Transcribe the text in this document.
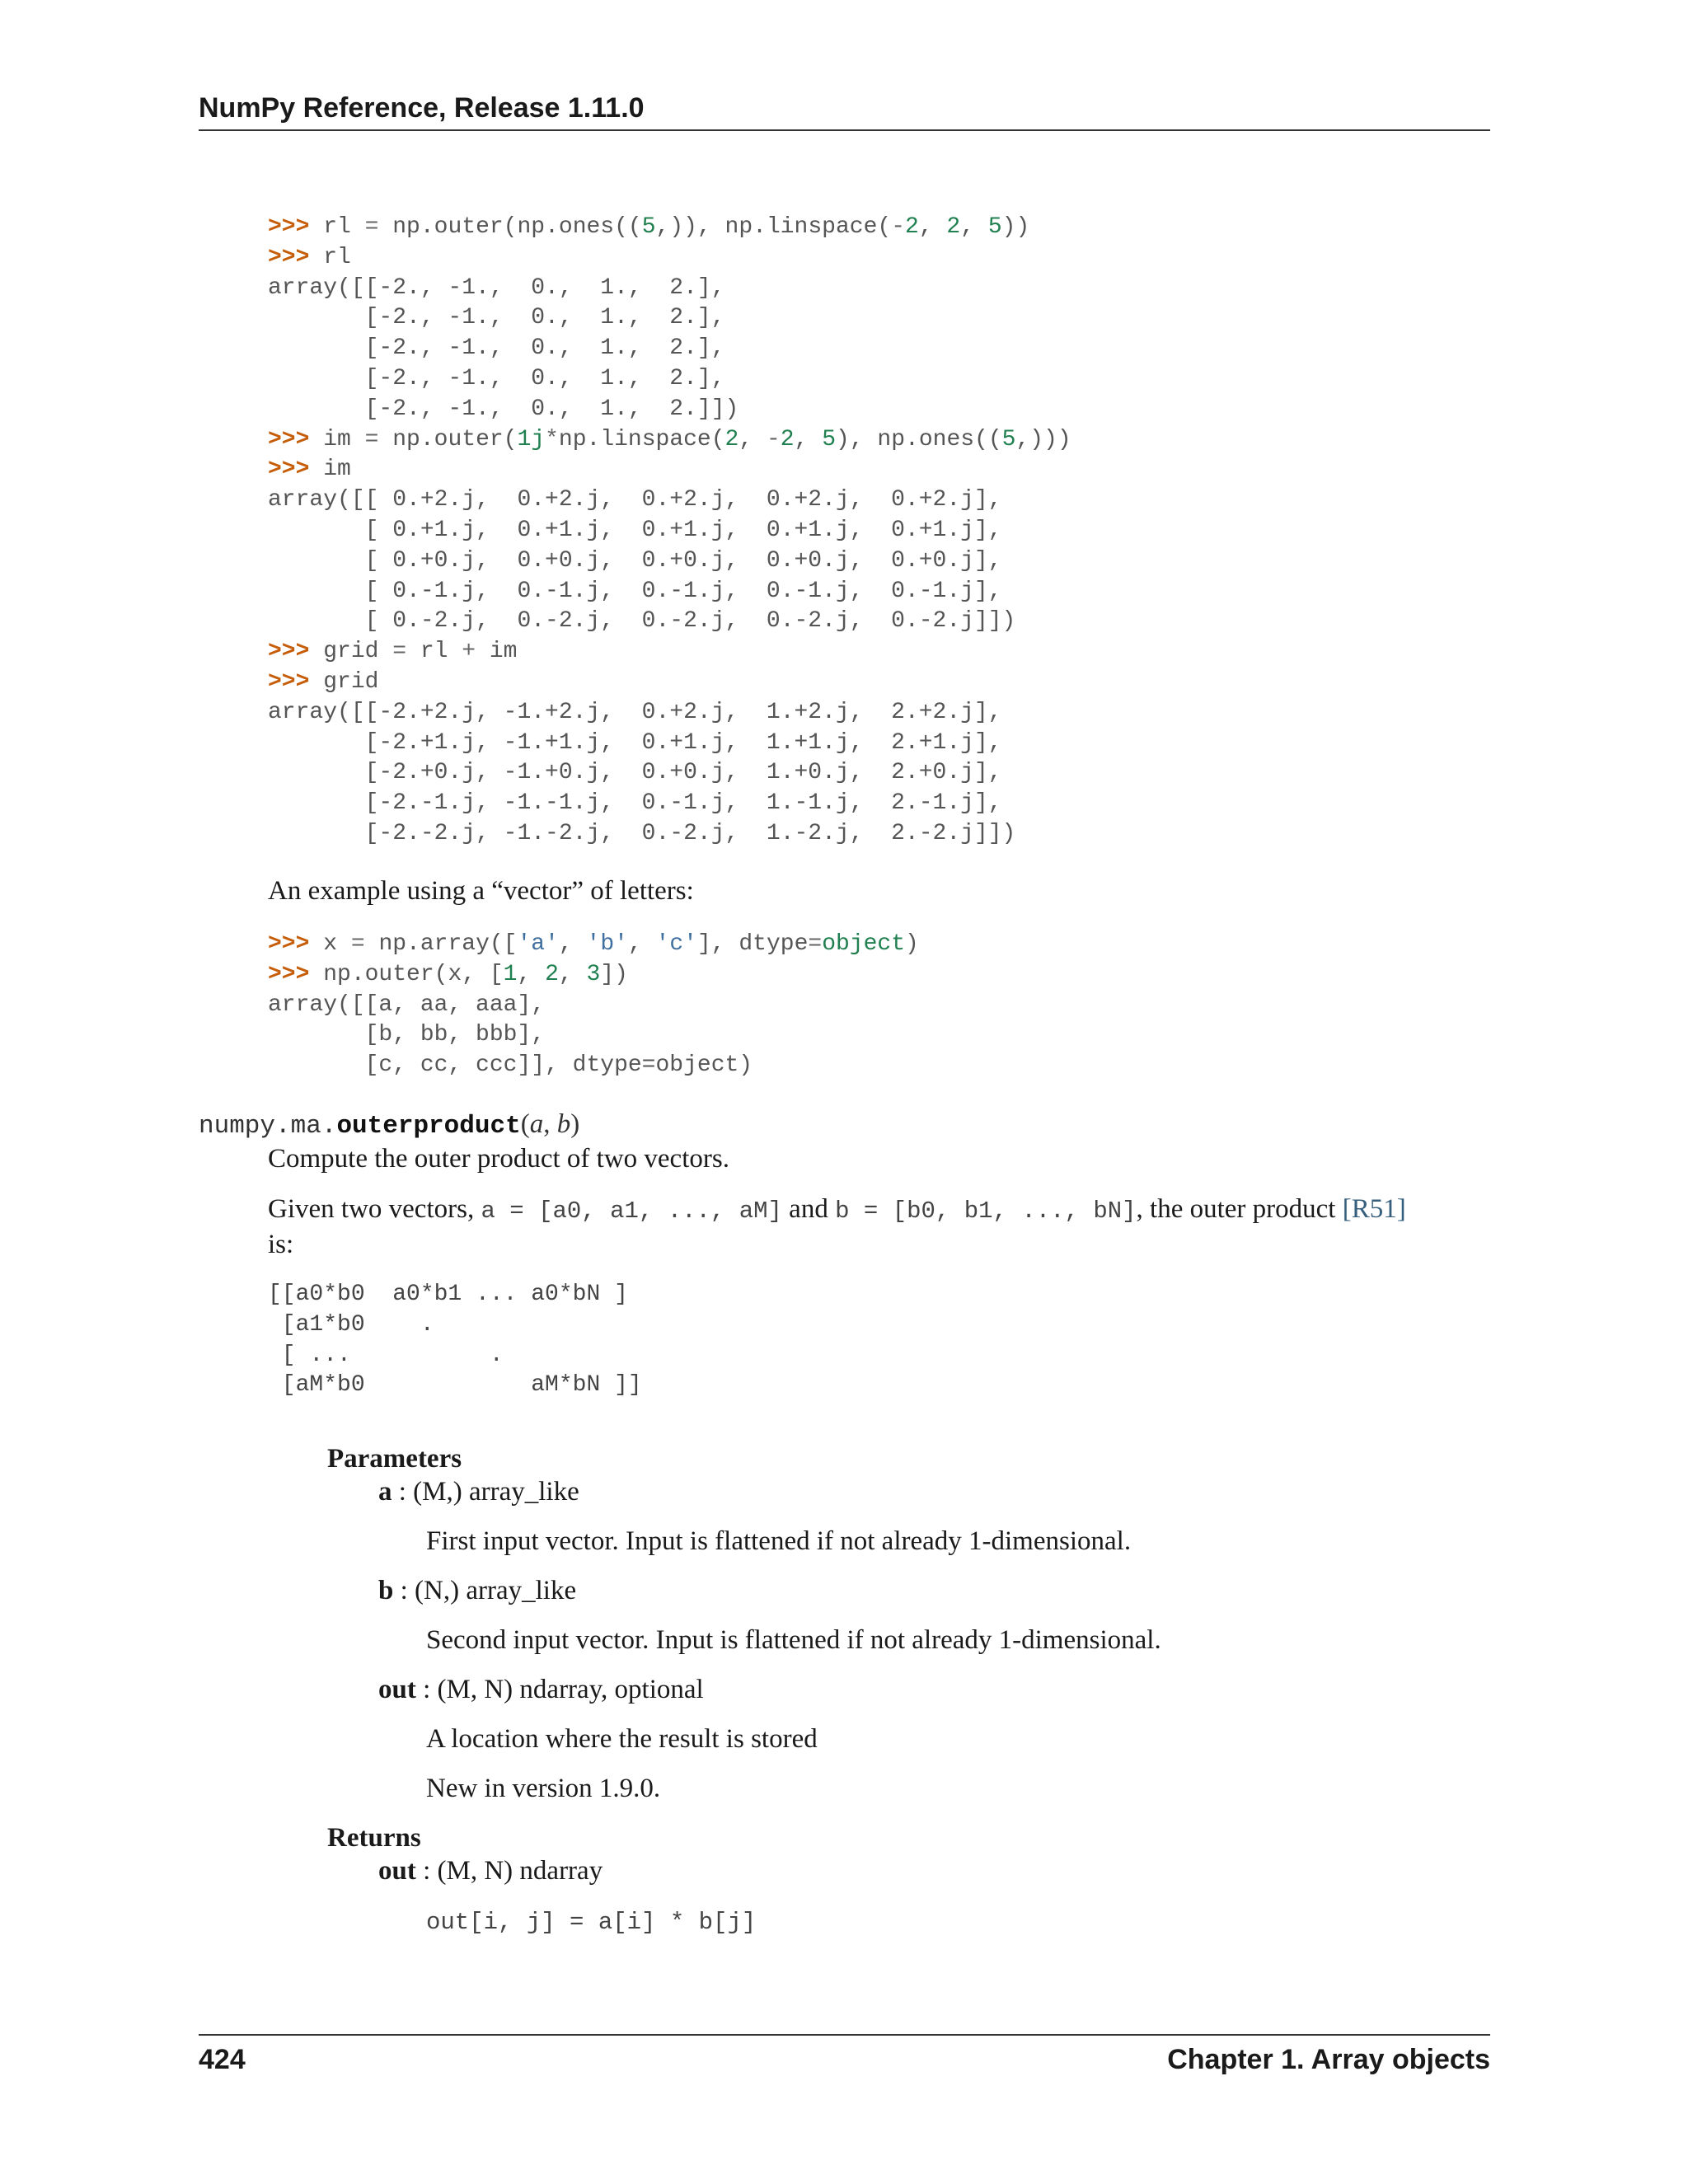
NumPy Reference, Release 1.11.0
>>> rl = np.outer(np.ones((5,)), np.linspace(-2, 2, 5))
>>> rl
array([[-2., -1.,  0.,  1.,  2.],
[-2., -1.,  0.,  1.,  2.],
[-2., -1.,  0.,  1.,  2.],
[-2., -1.,  0.,  1.,  2.],
[-2., -1.,  0.,  1.,  2.]])
>>> im = np.outer(1j*np.linspace(2, -2, 5), np.ones((5,)))
>>> im
array([[ 0.+2.j,  0.+2.j,  0.+2.j,  0.+2.j,  0.+2.j],
[ 0.+1.j,  0.+1.j,  0.+1.j,  0.+1.j,  0.+1.j],
[ 0.+0.j,  0.+0.j,  0.+0.j,  0.+0.j,  0.+0.j],
[ 0.-1.j,  0.-1.j,  0.-1.j,  0.-1.j,  0.-1.j],
[ 0.-2.j,  0.-2.j,  0.-2.j,  0.-2.j,  0.-2.j]])
>>> grid = rl + im
>>> grid
array([[-2.+2.j, -1.+2.j,  0.+2.j,  1.+2.j,  2.+2.j],
[-2.+1.j, -1.+1.j,  0.+1.j,  1.+1.j,  2.+1.j],
[-2.+0.j, -1.+0.j,  0.+0.j,  1.+0.j,  2.+0.j],
[-2.-1.j, -1.-1.j,  0.-1.j,  1.-1.j,  2.-1.j],
[-2.-2.j, -1.-2.j,  0.-2.j,  1.-2.j,  2.-2.j]])
An example using a “vector” of letters:
>>> x = np.array(['a', 'b', 'c'], dtype=object)
>>> np.outer(x, [1, 2, 3])
array([[a, aa, aaa],
[b, bb, bbb],
[c, cc, ccc]], dtype=object)
numpy.ma.outerproduct(a, b)
Compute the outer product of two vectors.
Given two vectors, a = [a0, a1, ..., aM] and b = [b0, b1, ..., bN], the outer product [R51]
is:
[[a0*b0  a0*b1 ... a0*bN ]
[a1*b0    .
[ ...          .
[aM*b0            aM*bN ]]
Parameters
a : (M,) array_like
First input vector. Input is flattened if not already 1-dimensional.
b : (N,) array_like
Second input vector. Input is flattened if not already 1-dimensional.
out : (M, N) ndarray, optional
A location where the result is stored
New in version 1.9.0.
Returns
out : (M, N) ndarray
out[i, j] = a[i] * b[j]
424	Chapter 1. Array objects
